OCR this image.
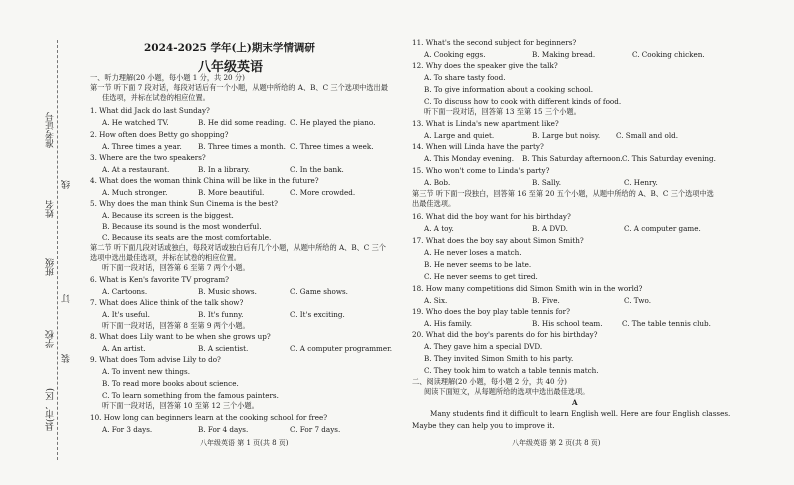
准考证号
姓名
班级
学校
县(市、区)
线
订
装
2024-2025 学年(上)期末学情调研
八年级英语
一、听力理解(20 小题，每小题 1 分，共 20 分)
第一节 听下面 7 段对话，每段对话后有一个小题，从题中所给的 A、B、C 三个选项中选出最
佳选项，并标在试卷的相应位置。
1. What did Jack do last Sunday?
A. He watched TV.	B. He did some reading. C. He played the piano.
2. How often does Betty go shopping?
A. Three times a year. B. Three times a month. C. Three times a week.
3. Where are the two speakers?
A. At a restaurant.	B. In a library.	C. In the bank.
4. What does the woman think China will be like in the future?
A. Much stronger.	B. More beautiful.	C. More crowded.
5. Why does the man think Sun Cinema is the best?
A. Because its screen is the biggest.
B. Because its sound is the most wonderful.
C. Because its seats are the most comfortable.
第二节 听下面几段对话或独白，每段对话或独白后有几个小题，从题中所给的 A、B、C 三个
选项中选出最佳选项，并标在试卷的相应位置。
听下面一段对话，回答第 6 至第 7 两个小题。
6. What is Ken's favorite TV program?
A. Cartoons.	B. Music shows.	C. Game shows.
7. What does Alice think of the talk show?
A. It's useful.	B. It's funny.	C. It's exciting.
听下面一段对话，回答第 8 至第 9 两个小题。
8. What does Lily want to be when she grows up?
A. An artist.	B. A scientist.	C. A computer programmer.
9. What does Tom advise Lily to do?
A. To invent new things.
B. To read more books about science.
C. To learn something from the famous painters.
听下面一段对话，回答第 10 至第 12 三个小题。
10. How long can beginners learn at the cooking school for free?
A. For 3 days.	B. For 4 days.	C. For 7 days.
八年级英语 第 1 页(共 8 页)
11. What's the second subject for beginners?
A. Cooking eggs.	B. Making bread.	C. Cooking chicken.
12. Why does the speaker give the talk?
A. To share tasty food.
B. To give information about a cooking school.
C. To discuss how to cook with different kinds of food.
听下面一段对话，回答第 13 至第 15 三个小题。
13. What is Linda's new apartment like?
A. Large and quiet.	B. Large but noisy. C. Small and old.
14. When will Linda have the party?
A. This Monday evening. B. This Saturday afternoon. C. This Saturday evening.
15. Who won't come to Linda's party?
A. Bob.	B. Sally.	C. Henry.
第三节 听下面一段独白，回答第 16 至第 20 五个小题，从题中所给的 A、B、C 三个选项中选
出最佳选项。
16. What did the boy want for his birthday?
A. A toy.	B. A DVD.	C. A computer game.
17. What does the boy say about Simon Smith?
A. He never loses a match.
B. He never seems to be late.
C. He never seems to get tired.
18. How many competitions did Simon Smith win in the world?
A. Six.	B. Five.	C. Two.
19. Who does the boy play table tennis for?
A. His family.	B. His school team.	C. The table tennis club.
20. What did the boy's parents do for his birthday?
A. They gave him a special DVD.
B. They invited Simon Smith to his party.
C. They took him to watch a table tennis match.
二、阅读理解(20 小题，每小题 2 分，共 40 分)
阅读下面短文，从每题所给的选项中选出最佳选项。
A
Many students find it difficult to learn English well. Here are four English classes.
Maybe they can help you to improve it.
八年级英语 第 2 页(共 8 页)
